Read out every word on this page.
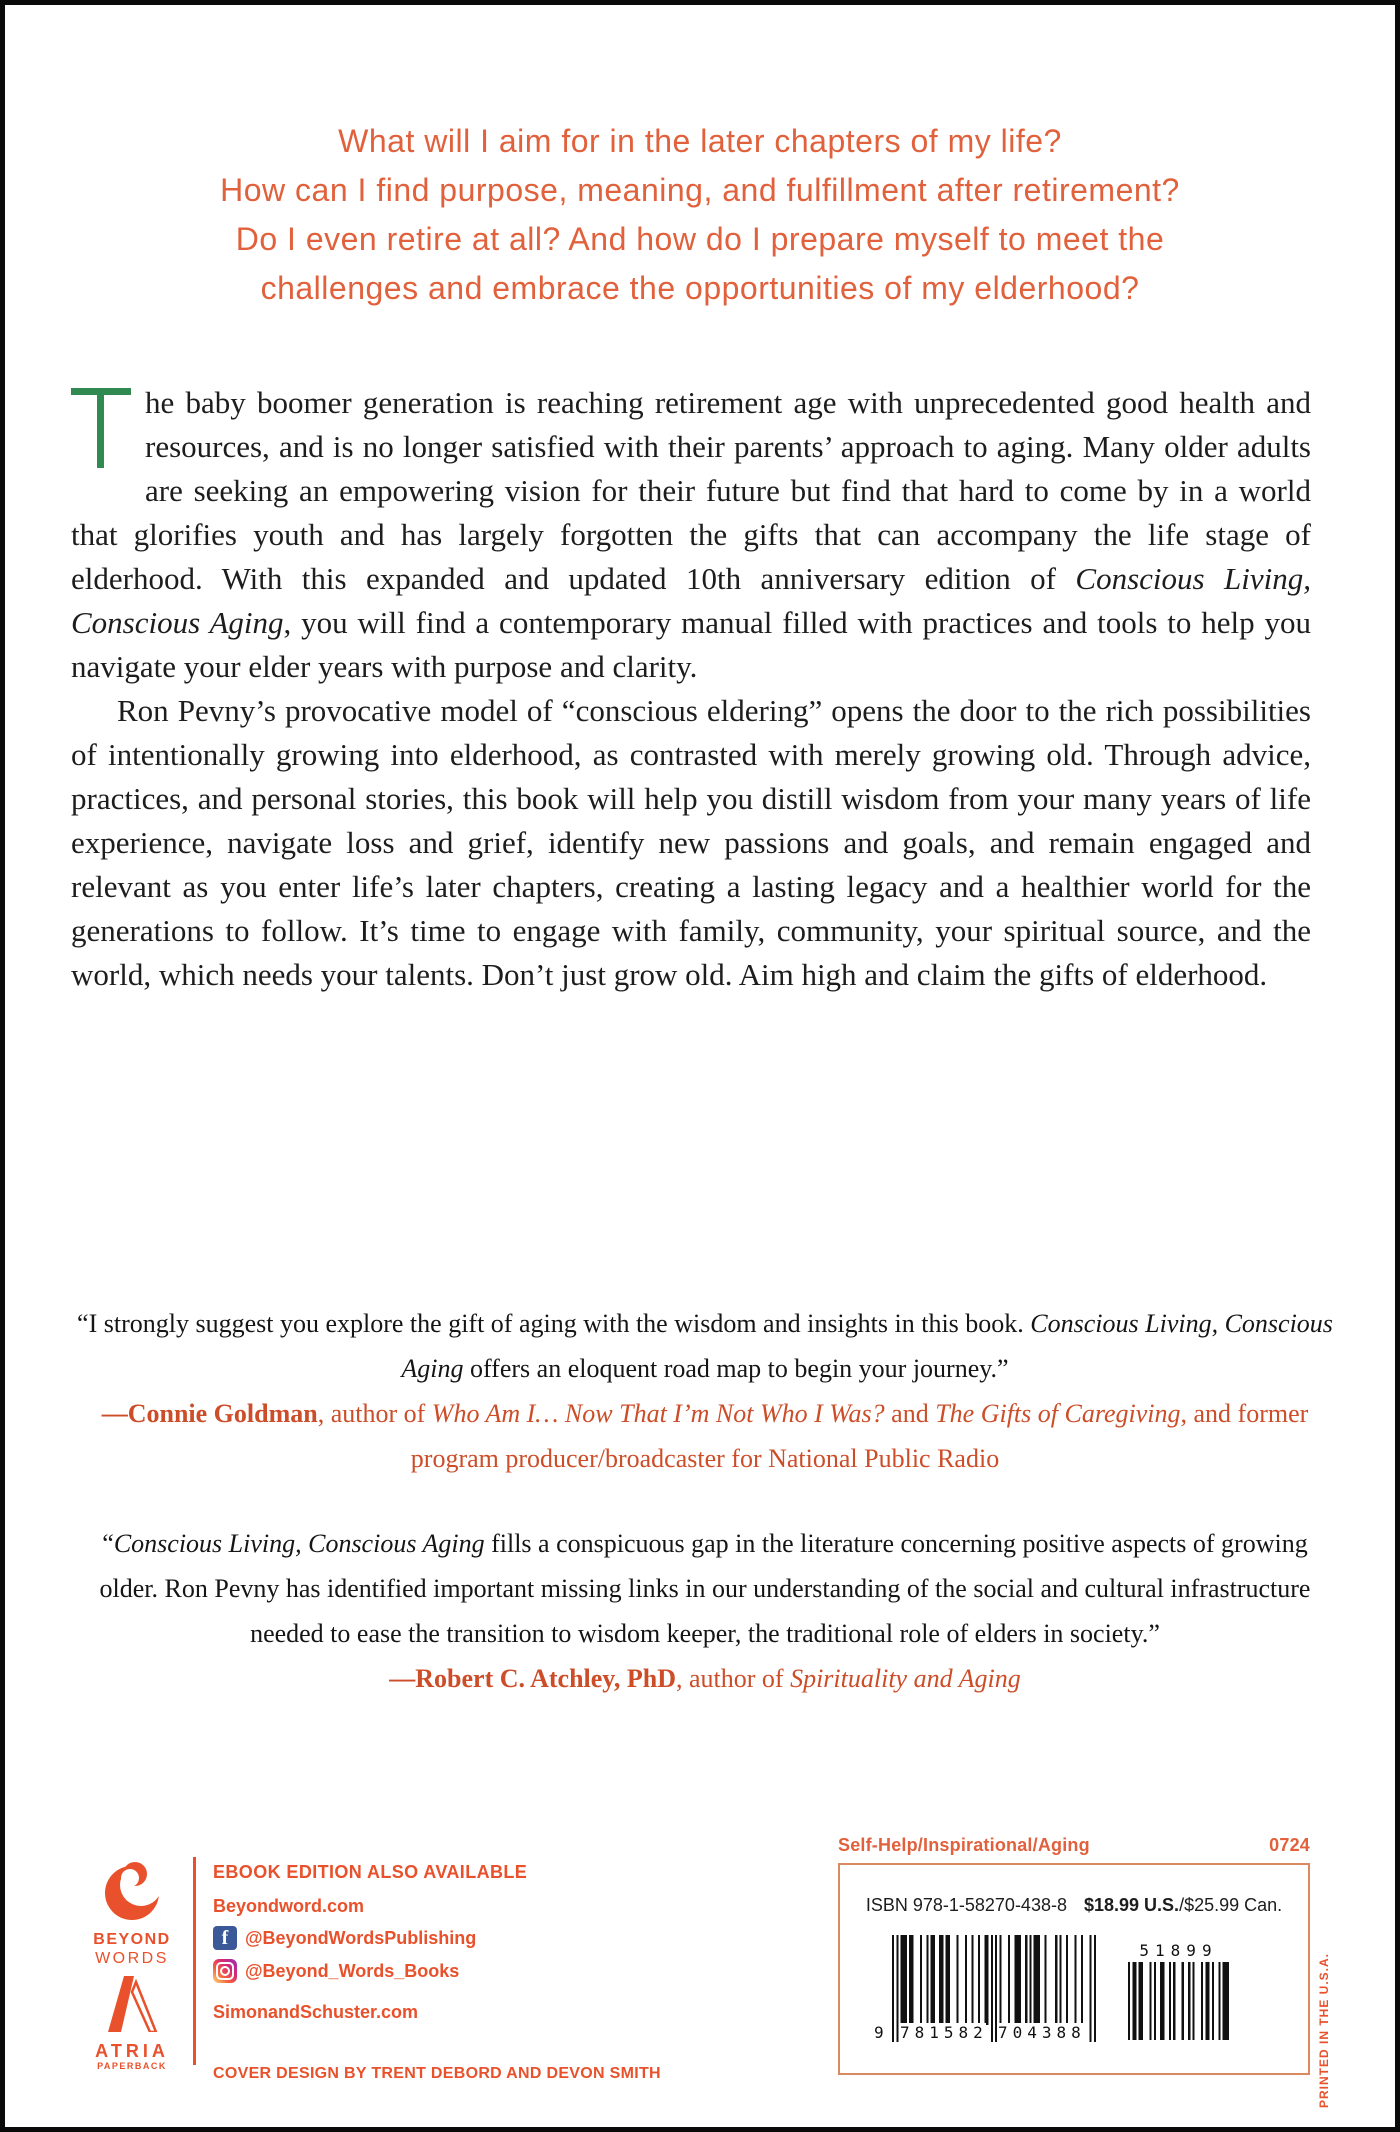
What will I aim for in the later chapters of my life?
How can I find purpose, meaning, and fulfillment after retirement?
Do I even retire at all? And how do I prepare myself to meet the
challenges and embrace the opportunities of my elderhood?

he baby boomer generation is reaching retirement age with unprecedented good health and resources, and is no longer satisfied with their parents’ approach to aging. Many older adults are seeking an empowering vision for their future but find that hard to come by in a world that glorifies youth and has largely forgotten the gifts that can accompany the life stage of elderhood. With this expanded and updated 10th anniversary edition of Conscious Living, Conscious Aging, you will find a contemporary manual filled with practices and tools to help you navigate your elder years with purpose and clarity.

Ron Pevny’s provocative model of “conscious eldering” opens the door to the rich possibilities of intentionally growing into elderhood, as contrasted with merely growing old. Through advice, practices, and personal stories, this book will help you distill wisdom from your many years of life experience, navigate loss and grief, identify new passions and goals, and remain engaged and relevant as you enter life’s later chapters, creating a lasting legacy and a healthier world for the generations to follow. It’s time to engage with family, community, your spiritual source, and the world, which needs your talents. Don’t just grow old. Aim high and claim the gifts of elderhood.

“I strongly suggest you explore the gift of aging with the wisdom and insights in this book. Conscious Living, Conscious Aging offers an eloquent road map to begin your journey.”
—Connie Goldman, author of Who Am I… Now That I’m Not Who I Was? and The Gifts of Caregiving, and former program producer/broadcaster for National Public Radio
“Conscious Living, Conscious Aging fills a conspicuous gap in the literature concerning positive aspects of growing older. Ron Pevny has identified important missing links in our understanding of the social and cultural infrastructure needed to ease the transition to wisdom keeper, the traditional role of elders in society.”
—Robert C. Atchley, PhD, author of Spirituality and Aging
BEYOND
WORDS
ATRIA
PAPERBACK
EBOOK EDITION ALSO AVAILABLE
Beyondword.com
f @BeyondWordsPublishing
@Beyond_Words_Books
SimonandSchuster.com
COVER DESIGN BY TRENT DEBORD AND DEVON SMITH
Self-Help/Inspirational/Aging	0724
ISBN 978-1-58270-438-8 $18.99 U.S./$25.99 Can.
9 781582 704388
51899
PRINTED IN THE U.S.A.
